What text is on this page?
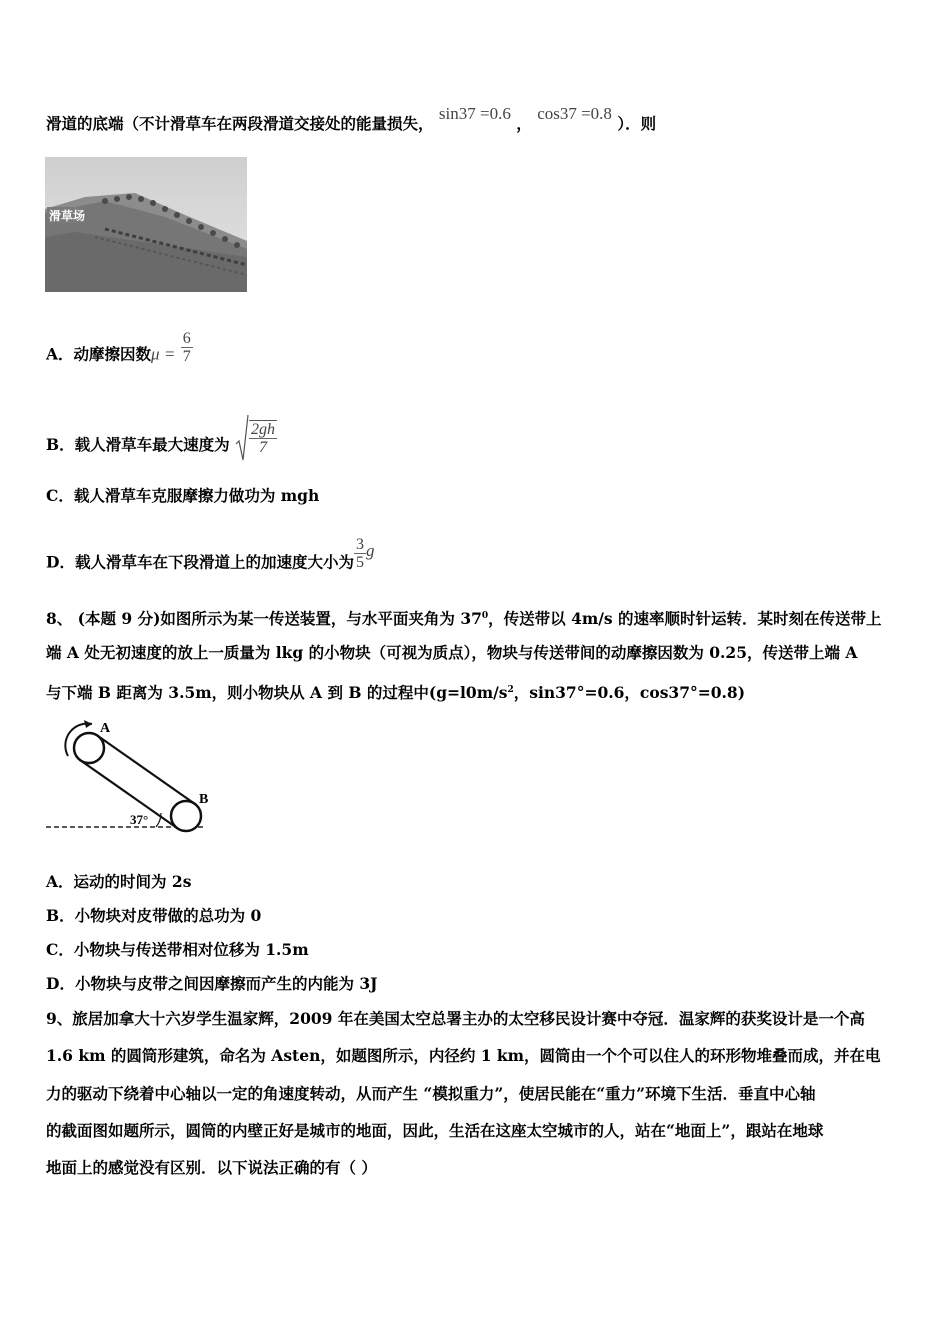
滑道的底端（不计滑草车在两段滑道交接处的能量损失， sin37 =0.6 ， cos37 =0.8 ）．则
滑草场
A．动摩擦因数$\mu = \frac{6}{7}$
B．载人滑草车最大速度为 $\frac{2gh}{7}$
C．载人滑草车克服摩擦力做功为 mgh
D．载人滑草车在下段滑道上的加速度大小为 $\frac{3}{5}$ g
8、 (本题 9 分)如图所示为某一传送装置，与水平面夹角为 $37^0$，传送带以 4m/s 的速率顺时针运转．某时刻在传送带上
端 A 处无初速度的放上一质量为 lkg 的小物块（可视为质点），物块与传送带间的动摩擦因数为 0.25，传送带上端 A
与下端 B 距离为 3.5m，则小物块从 A 到 B 的过程中($g=l0m/s^2$，sin37°=0.6，cos37°=0.8)
A
B
37°
A．运动的时间为 2s
B．小物块对皮带做的总功为 0
C．小物块与传送带相对位移为 1.5m
D．小物块与皮带之间因摩擦而产生的内能为 3J
9、旅居加拿大十六岁学生温家辉，2009 年在美国太空总署主办的太空移民设计赛中夺冠．温家辉的获奖设计是一个高
1.6 km 的圆筒形建筑，命名为 Asten，如题图所示，内径约 1 km，圆筒由一个个可以住人的环形物堆叠而成，并在电
力的驱动下绕着中心轴以一定的角速度转动，从而产生 “模拟重力”，使居民能在“重力”环境下生活．垂直中心轴
的截面图如题所示，圆筒的内壁正好是城市的地面，因此，生活在这座太空城市的人，站在“地面上”，跟站在地球
地面上的感觉没有区别．以下说法正确的有（ ）
